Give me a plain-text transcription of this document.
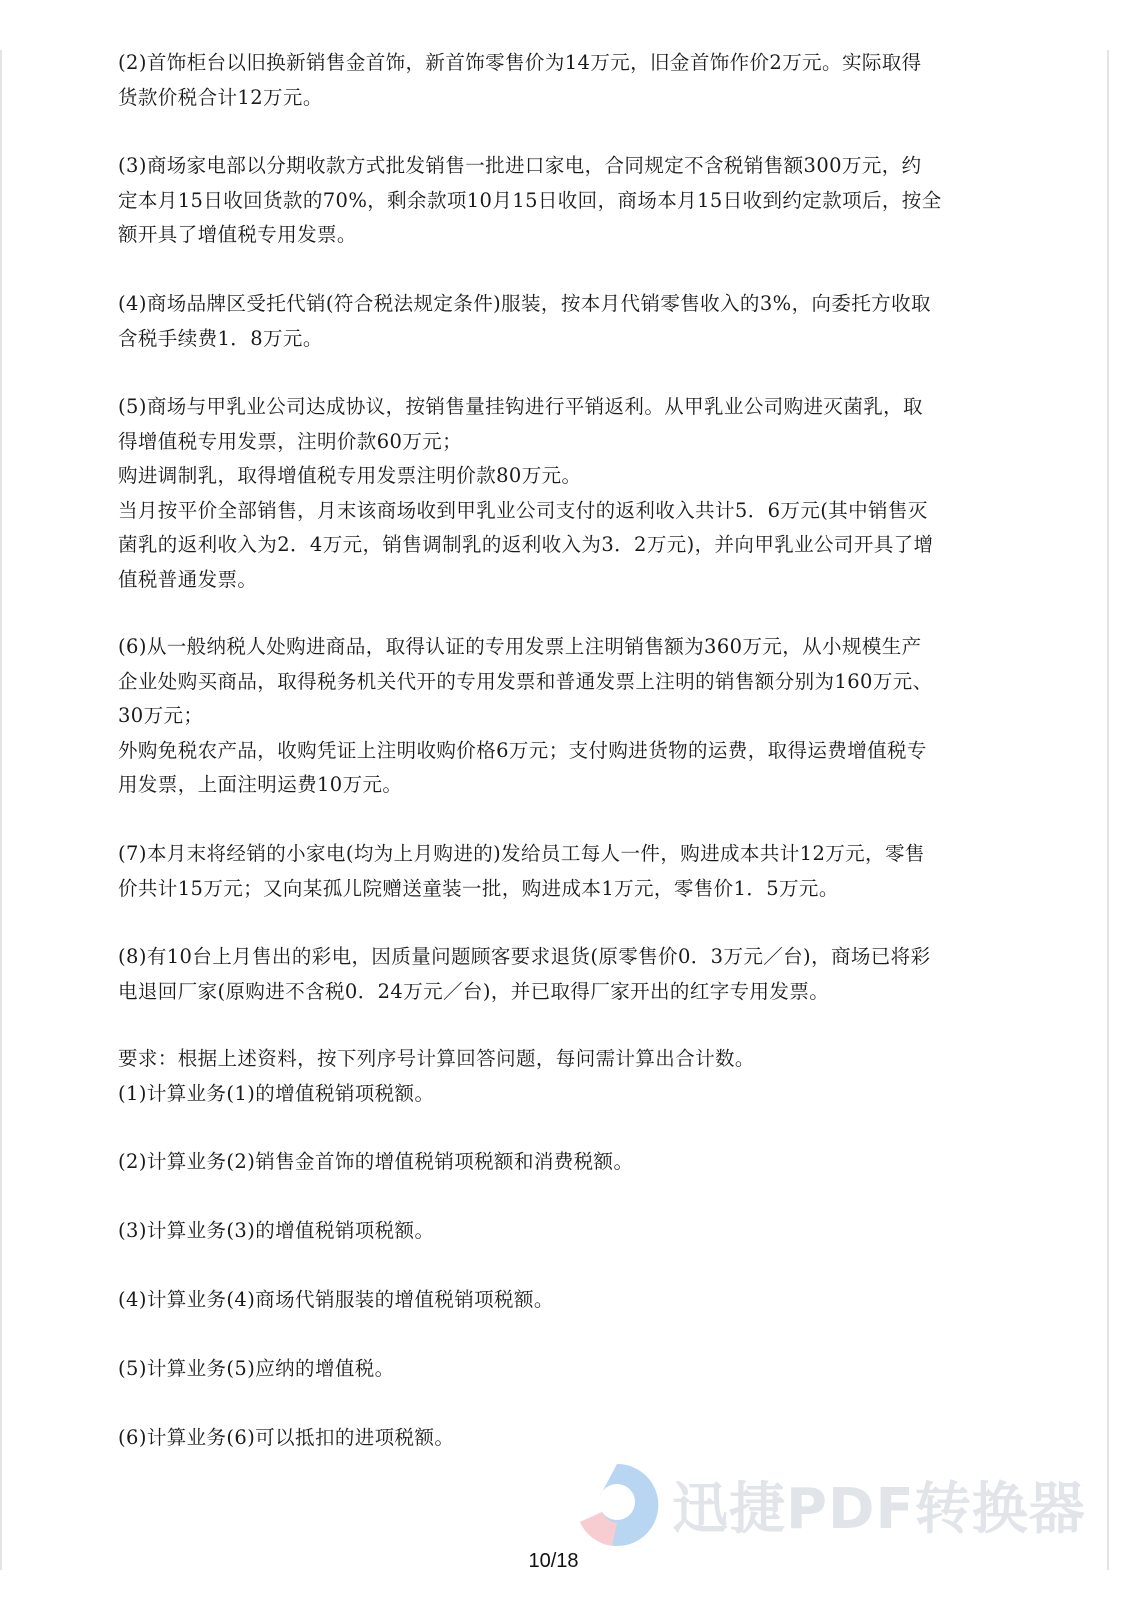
(2)首饰柜台以旧换新销售金首饰，新首饰零售价为14万元，旧金首饰作价2万元。实际取得
货款价税合计12万元。
(3)商场家电部以分期收款方式批发销售一批进口家电，合同规定不含税销售额300万元，约
定本月15日收回货款的70%，剩余款项10月15日收回，商场本月15日收到约定款项后，按全
额开具了增值税专用发票。
(4)商场品牌区受托代销(符合税法规定条件)服装，按本月代销零售收入的3%，向委托方收取
含税手续费1．8万元。
(5)商场与甲乳业公司达成协议，按销售量挂钩进行平销返利。从甲乳业公司购进灭菌乳，取
得增值税专用发票，注明价款60万元；
购进调制乳，取得增值税专用发票注明价款80万元。
当月按平价全部销售，月末该商场收到甲乳业公司支付的返利收入共计5．6万元(其中销售灭
菌乳的返利收入为2．4万元，销售调制乳的返利收入为3．2万元)，并向甲乳业公司开具了增
值税普通发票。
(6)从一般纳税人处购进商品，取得认证的专用发票上注明销售额为360万元，从小规模生产
企业处购买商品，取得税务机关代开的专用发票和普通发票上注明的销售额分别为160万元、
30万元；
外购免税农产品，收购凭证上注明收购价格6万元；支付购进货物的运费，取得运费增值税专
用发票，上面注明运费10万元。
(7)本月末将经销的小家电(均为上月购进的)发给员工每人一件，购进成本共计12万元，零售
价共计15万元；又向某孤儿院赠送童装一批，购进成本1万元，零售价1．5万元。
(8)有10台上月售出的彩电，因质量问题顾客要求退货(原零售价0．3万元／台)，商场已将彩
电退回厂家(原购进不含税0．24万元／台)，并已取得厂家开出的红字专用发票。
要求：根据上述资料，按下列序号计算回答问题，每问需计算出合计数。
(1)计算业务(1)的增值税销项税额。
(2)计算业务(2)销售金首饰的增值税销项税额和消费税额。
(3)计算业务(3)的增值税销项税额。
(4)计算业务(4)商场代销服装的增值税销项税额。
(5)计算业务(5)应纳的增值税。
(6)计算业务(6)可以抵扣的进项税额。
迅捷PDF转换器
10/18
